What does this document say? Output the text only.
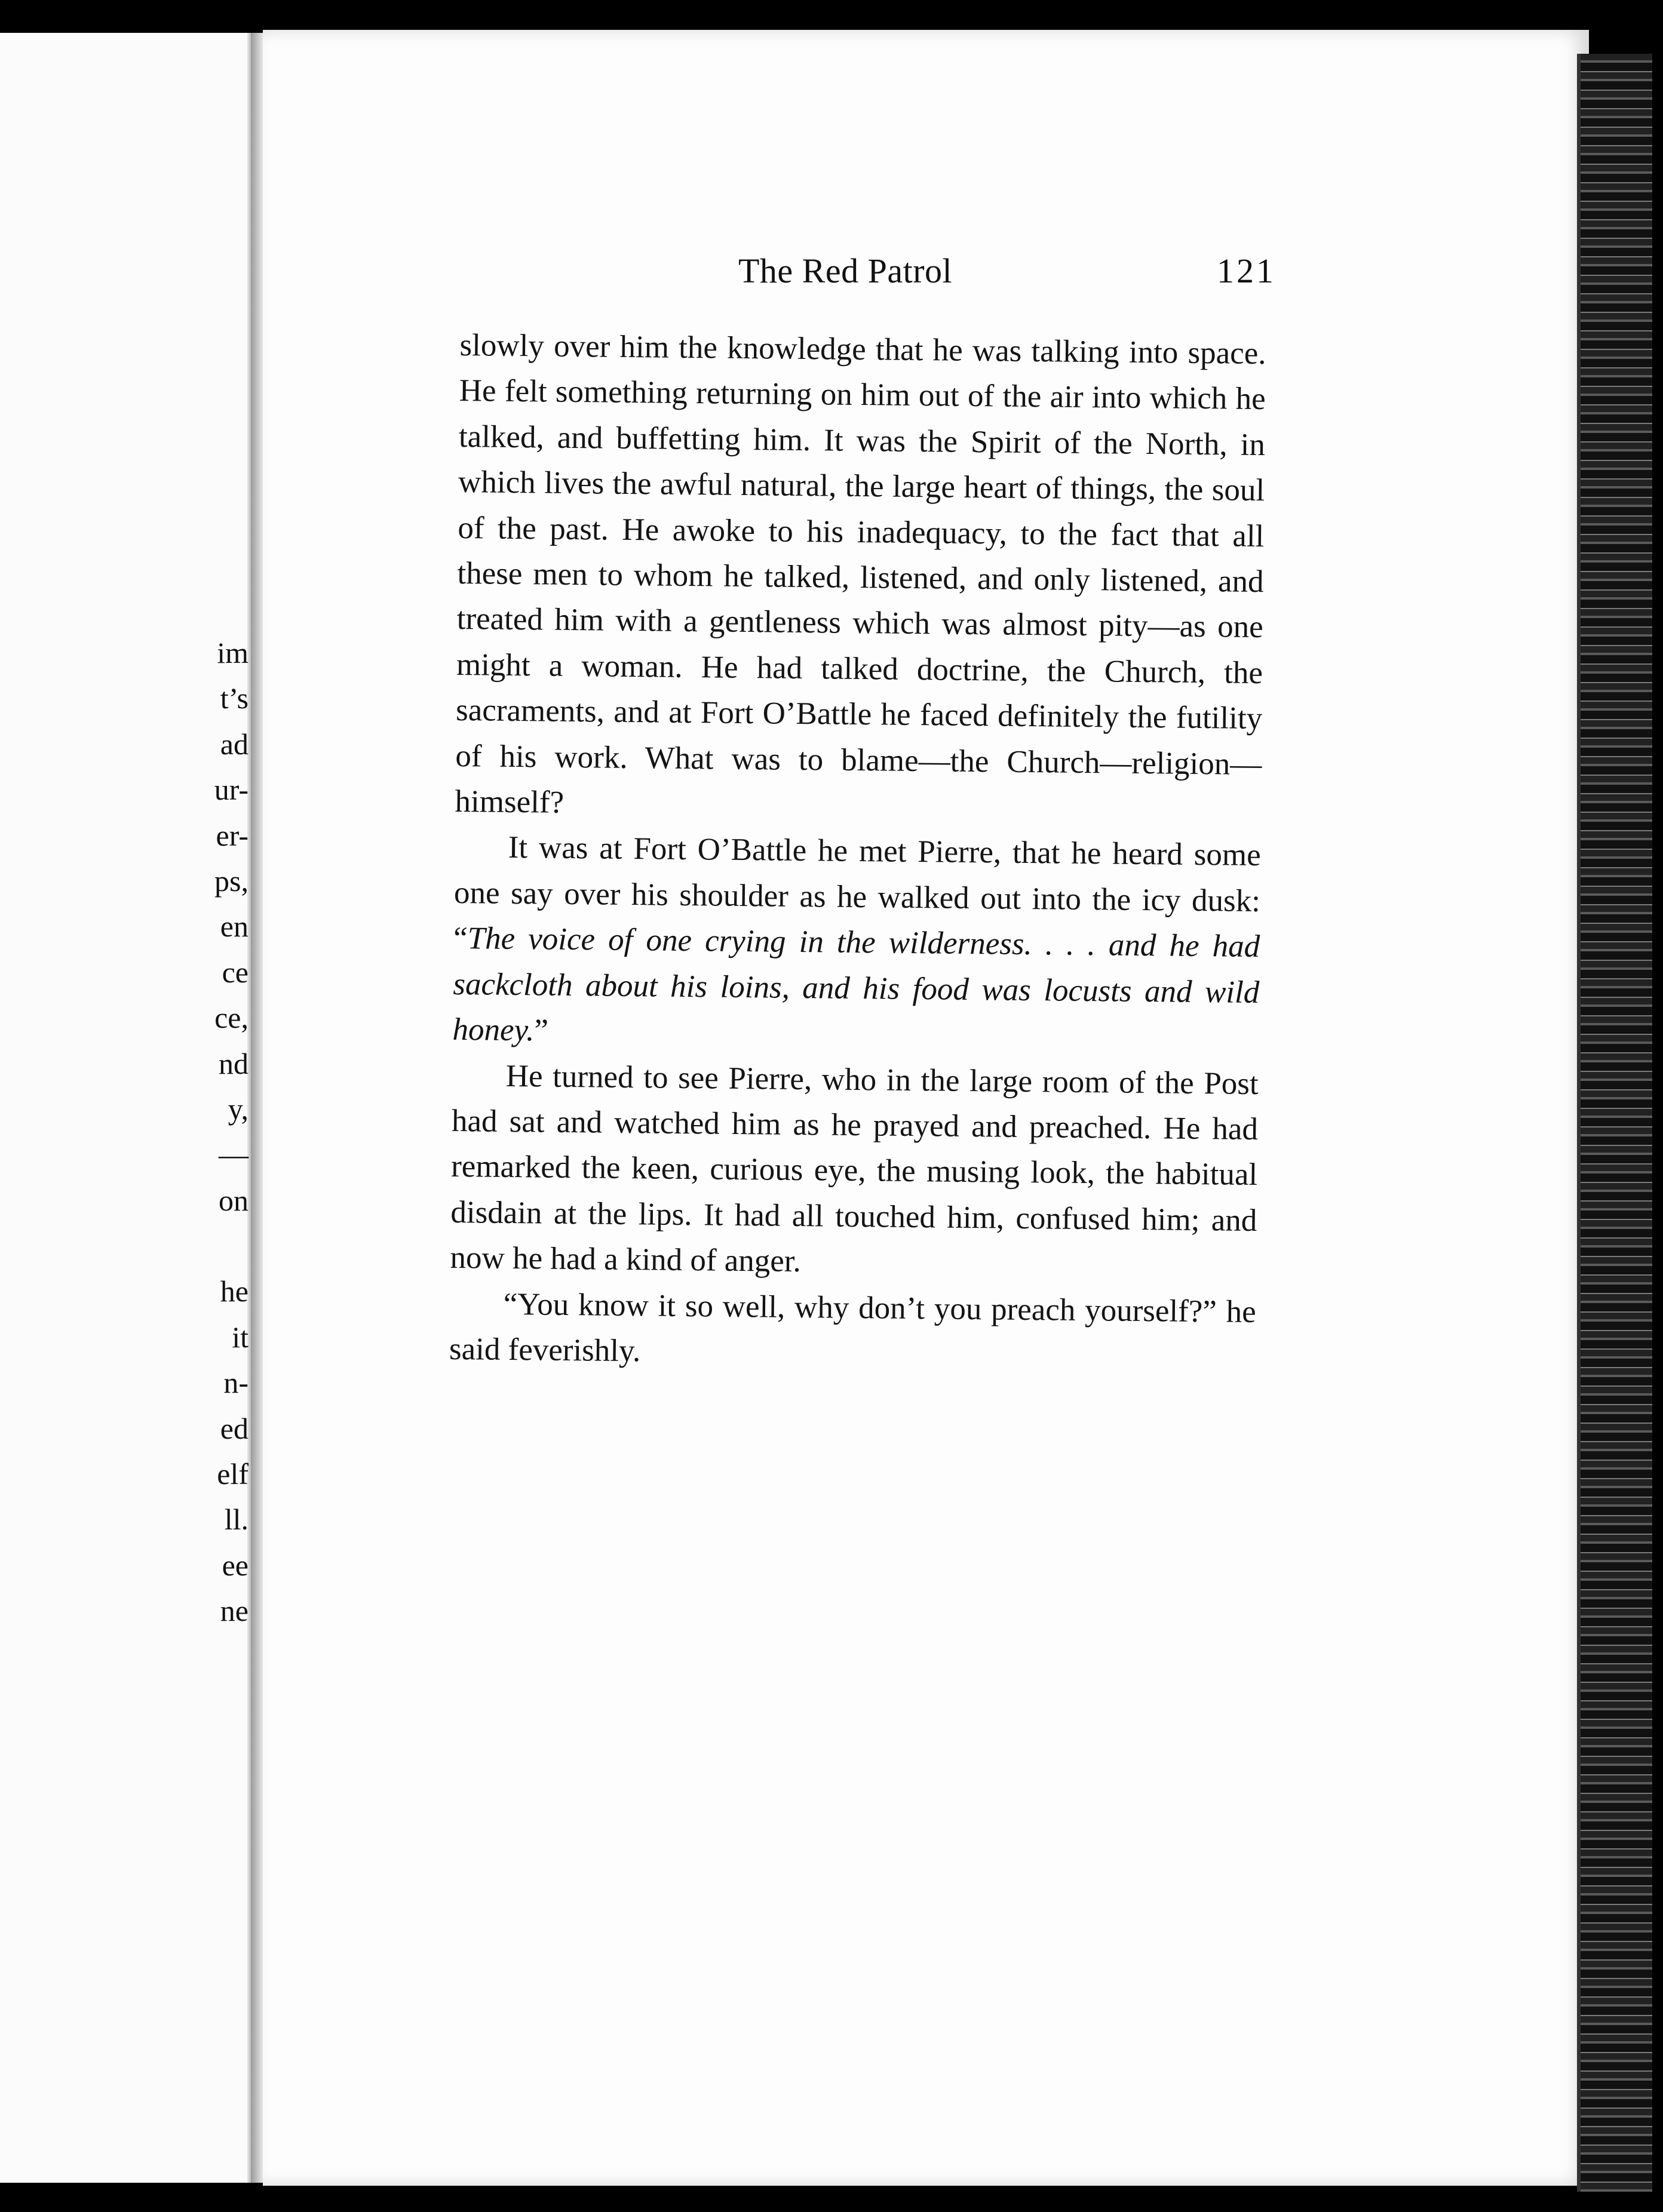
im
t’s
ad
ur-
er-
ps,
en
ce
ce,
nd
y,
—
on
he
it
n-
ed
elf
ll.
ee
ne
The Red Patrol	121

slowly over him the knowledge that he was talking into space. He felt something returning on him out of the air into which he talked, and buffetting him. It was the Spirit of the North, in which lives the awful natural, the large heart of things, the soul of the past. He awoke to his inadequacy, to the fact that all these men to whom he talked, listened, and only listened, and treated him with a gentleness which was almost pity—as one might a woman. He had talked doctrine, the Church, the sacraments, and at Fort O’Battle he faced definitely the futility of his work. What was to blame—the Church—religion—himself?

It was at Fort O’Battle he met Pierre, that he heard some one say over his shoulder as he walked out into the icy dusk: “The voice of one crying in the wilderness. . . . and he had sackcloth about his loins, and his food was locusts and wild honey.”

He turned to see Pierre, who in the large room of the Post had sat and watched him as he prayed and preached. He had remarked the keen, curious eye, the musing look, the habitual disdain at the lips. It had all touched him, confused him; and now he had a kind of anger.

“You know it so well, why don’t you preach yourself?” he said feverishly.
